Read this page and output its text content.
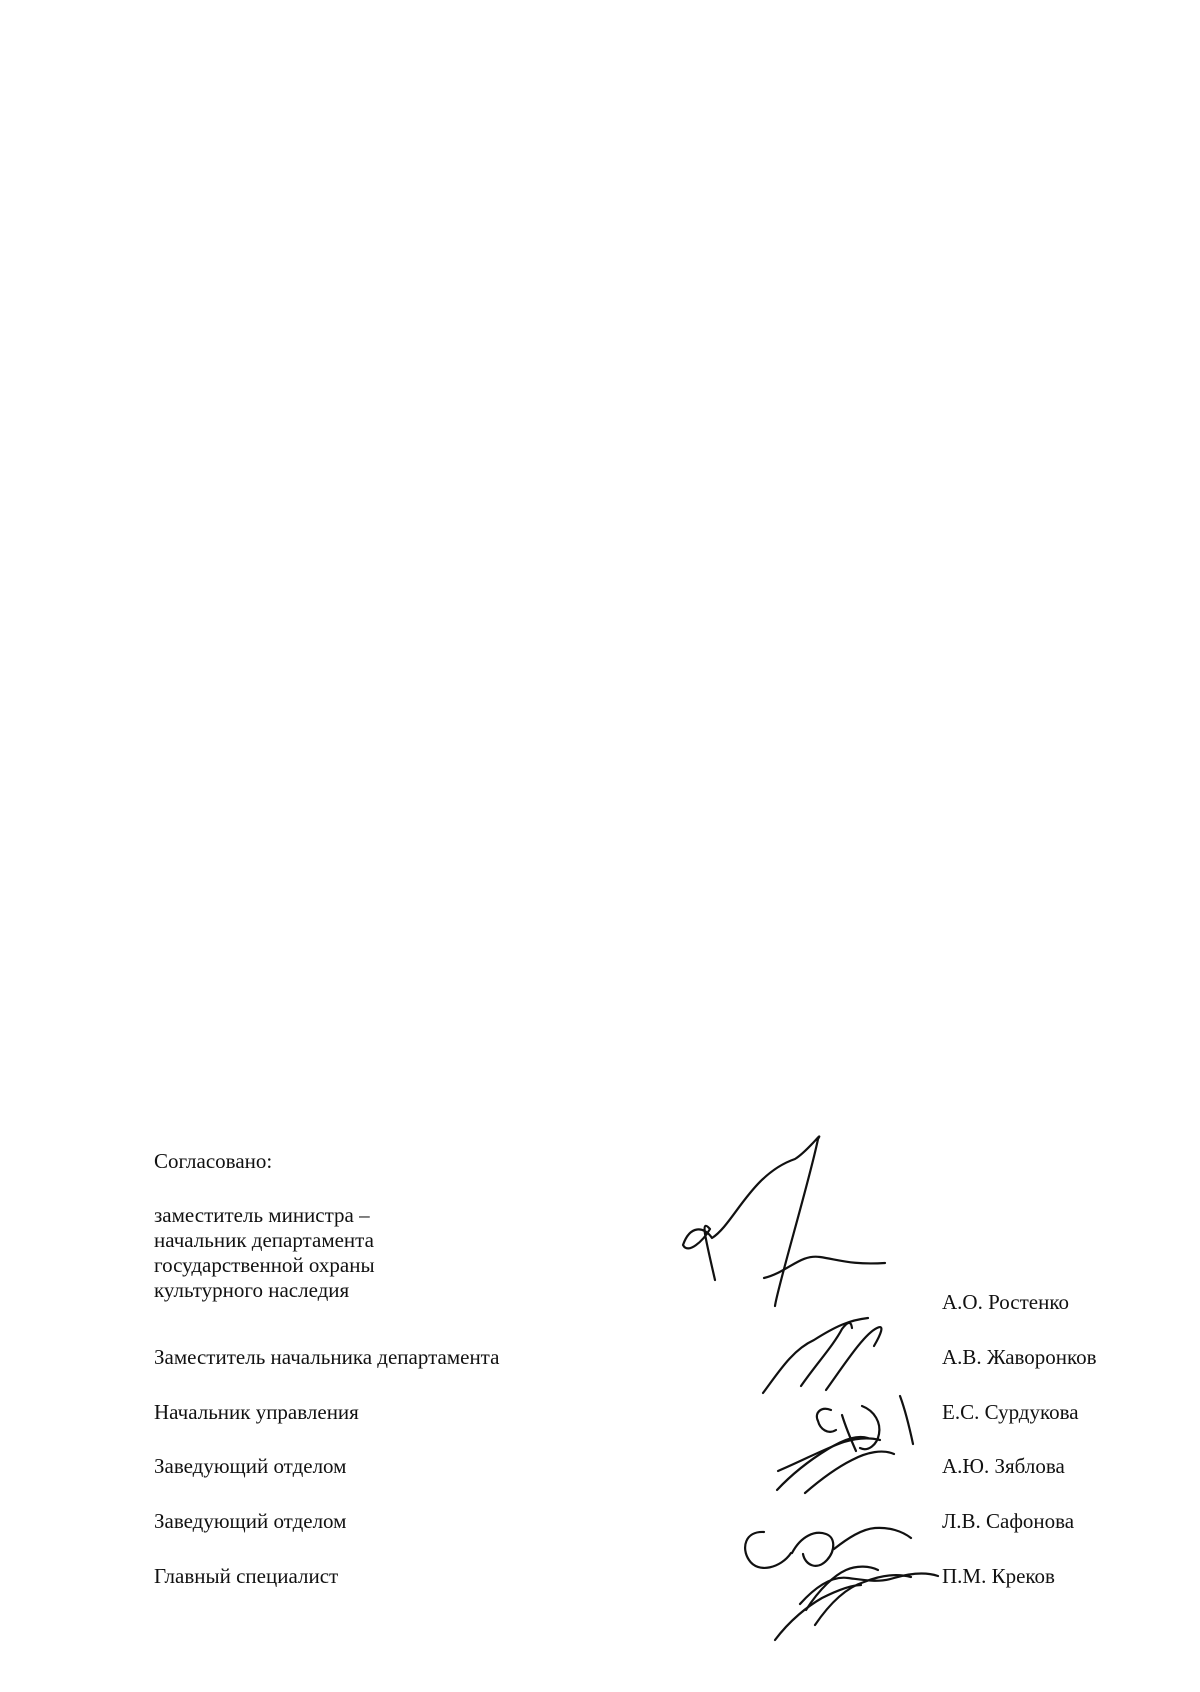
Согласовано:
заместитель министра –
начальник департамента
государственной охраны
культурного наследия	А.О. Ростенко
Заместитель начальника департамента	А.В. Жаворонков
Начальник управления	Е.С. Сурдукова
Заведующий отделом	А.Ю. Зяблова
Заведующий отделом	Л.В. Сафонова
Главный специалист	П.М. Креков
